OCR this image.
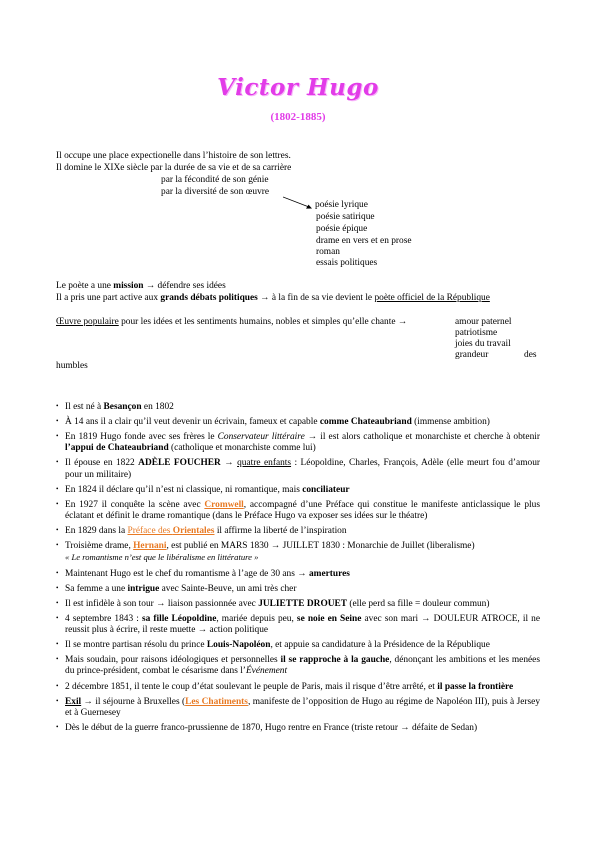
Victor Hugo
(1802-1885)
Il occupe une place expectionelle dans l’histoire de son lettres.
Il domine le XIXe siècle par la durée de sa vie et de sa carrière
par la fécondité de son génie
par la diversité de son œuvre
poésie lyrique
poésie satirique
poésie épique
drame en vers et en prose
roman
essais politiques
Le poète a une mission → défendre ses idées
Il a pris une part active aux grands débats politiques → à la fin de sa vie devient le poète officiel de la République
Œuvre populaire pour les idées et les sentiments humains, nobles et simples qu’elle chante →	amour paternel
patriotisme
joies du travail
grandeur	des
humbles
• Il est né à Besançon en 1802
• À 14 ans il a clair qu’il veut devenir un écrivain, fameux et capable comme Chateaubriand (immense ambition)
• En 1819 Hugo fonde avec ses frères le Conservateur littéraire → il est alors catholique et monarchiste et cherche à obtenir l’appui de Chateaubriand (catholique et monarchiste comme lui)
• Il épouse en 1822 ADÈLE FOUCHER → quatre enfants : Léopoldine, Charles, François, Adèle (elle meurt fou d’amour pour un militaire)
• En 1824 il déclare qu’il n’est ni classique, ni romantique, mais conciliateur
• En 1927 il conquête la scène avec Cromwell, accompagné d’une Préface qui constitue le manifeste anticlassique le plus éclatant et définit le drame romantique (dans le Préface Hugo va exposer ses idées sur le théatre)
• En 1829 dans la Préface des Orientales il affirme la liberté de l’inspiration
• Troisième drame, Hernani, est publié en MARS 1830 → JUILLET 1830 : Monarchie de Juillet (liberalisme)
« Le romantisme n’est que le libéralisme en littérature »
• Maintenant Hugo est le chef du romantisme à l’age de 30 ans → amertures
• Sa femme a une intrigue avec Sainte-Beuve, un ami très cher
• Il est infidèle à son tour → liaison passionnée avec JULIETTE DROUET (elle perd sa fille = douleur commun)
• 4 septembre 1843 : sa fille Léopoldine, mariée depuis peu, se noie en Seine avec son mari → DOULEUR ATROCE, il ne reussit plus à écrire, il reste muette → action politique
• Il se montre partisan résolu du prince Louis-Napoléon, et appuie sa candidature à la Présidence de la République
• Mais soudain, pour raisons idéologiques et personnelles il se rapproche à la gauche, dénonçant les ambitions et les menées du prince-président, combat le césarisme dans l’Événement
• 2 décembre 1851, il tente le coup d’état soulevant le peuple de Paris, mais il risque d’être arrêté, et il passe la frontière
• Exil → il séjourne à Bruxelles (Les Chatiments, manifeste de l’opposition de Hugo au régime de Napoléon III), puis à Jersey et à Guernesey
• Dès le début de la guerre franco-prussienne de 1870, Hugo rentre en France (triste retour → défaite de Sedan)
